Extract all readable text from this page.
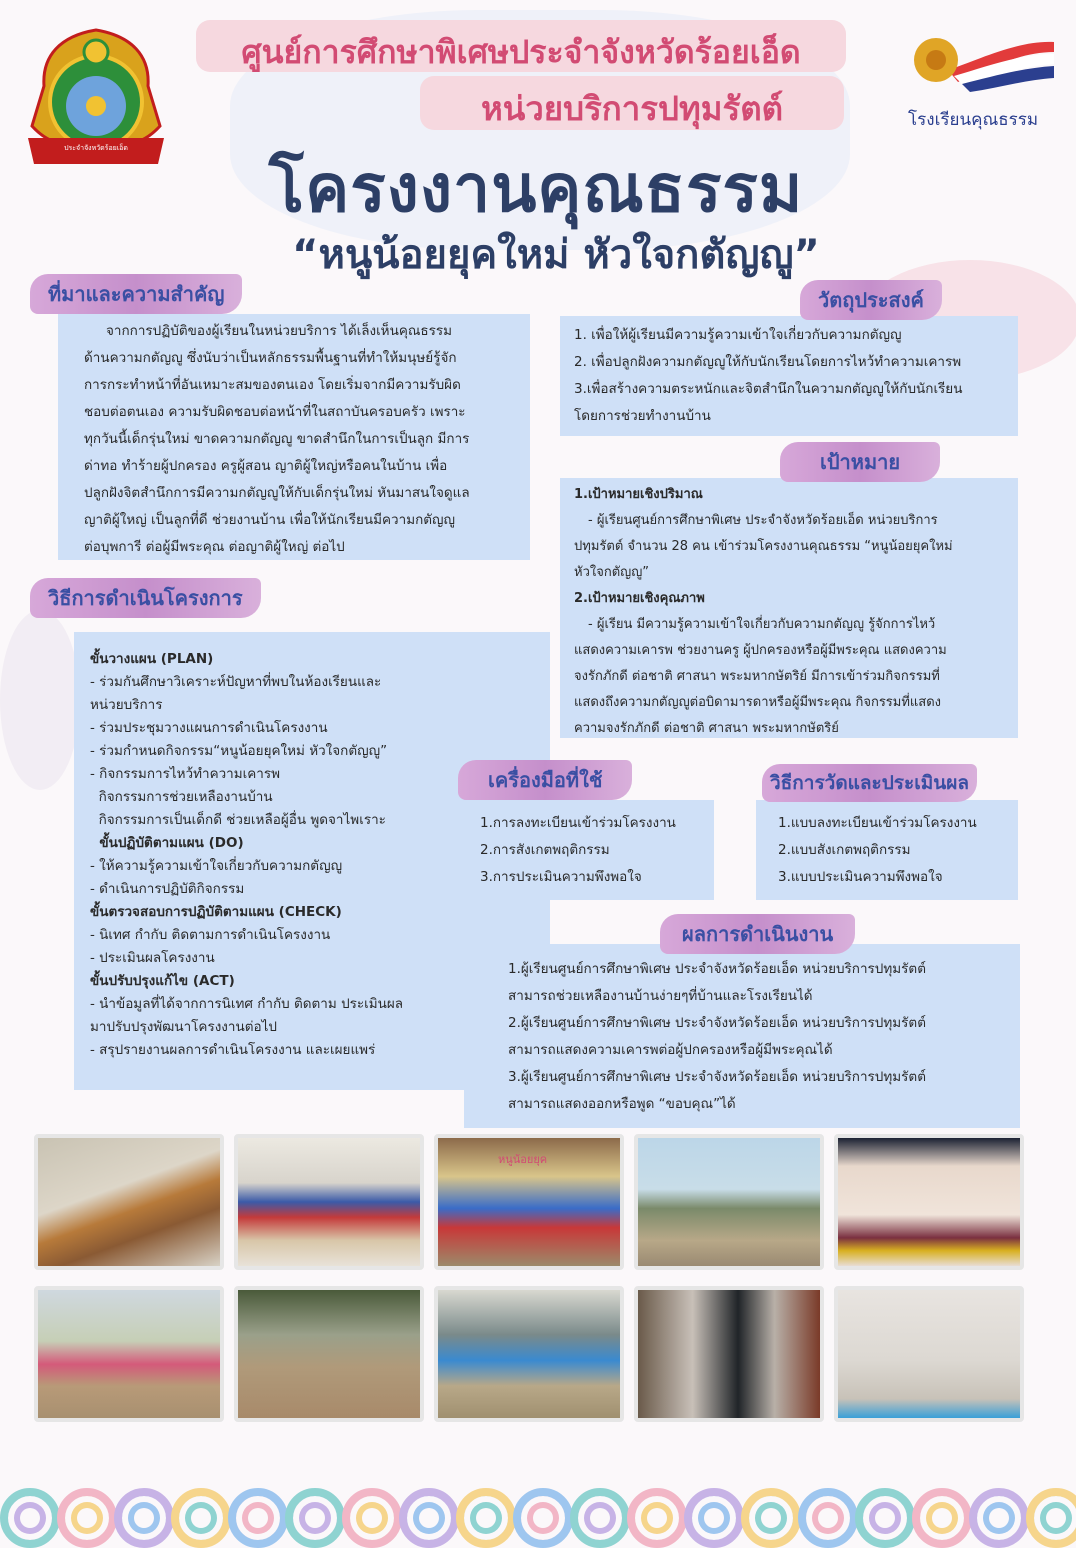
ประจำจังหวัดร้อยเอ็ด
โรงเรียนคุณธรรม
ศูนย์การศึกษาพิเศษประจำจังหวัดร้อยเอ็ด
หน่วยบริการปทุมรัตต์
โครงงานคุณธรรม
“หนูน้อยยุคใหม่ หัวใจกตัญญู”
จากการปฏิบัติของผู้เรียนในหน่วยบริการ ได้เล็งเห็นคุณธรรม
ด้านความกตัญญู ซึ่งนับว่าเป็นหลักธรรมพื้นฐานที่ทำให้มนุษย์รู้จัก
การกระทำหน้าที่อันเหมาะสมของตนเอง โดยเริ่มจากมีความรับผิด
ชอบต่อตนเอง ความรับผิดชอบต่อหน้าที่ในสถาบันครอบครัว เพราะ
ทุกวันนี้เด็กรุ่นใหม่ ขาดความกตัญญู ขาดสำนึกในการเป็นลูก มีการ
ด่าทอ ทำร้ายผู้ปกครอง ครูผู้สอน ญาติผู้ใหญ่หรือคนในบ้าน เพื่อ
ปลูกฝังจิตสำนึกการมีความกตัญญูให้กับเด็กรุ่นใหม่ หันมาสนใจดูแล
ญาติผู้ใหญ่ เป็นลูกที่ดี ช่วยงานบ้าน เพื่อให้นักเรียนมีความกตัญญู
ต่อบุพการี ต่อผู้มีพระคุณ ต่อญาติผู้ใหญ่ ต่อไป
ที่มาและความสำคัญ
1. เพื่อให้ผู้เรียนมีความรู้ความเข้าใจเกี่ยวกับความกตัญญู
2. เพื่อปลูกฝังความกตัญญูให้กับนักเรียนโดยการไหว้ทำความเคารพ
3.เพื่อสร้างความตระหนักและจิตสำนึกในความกตัญญูให้กับนักเรียน
โดยการช่วยทำงานบ้าน
วัตถุประสงค์
1.เป้าหมายเชิงปริมาณ
- ผู้เรียนศูนย์การศึกษาพิเศษ ประจำจังหวัดร้อยเอ็ด หน่วยบริการ
ปทุมรัตต์ จำนวน 28 คน เข้าร่วมโครงงานคุณธรรม “หนูน้อยยุคใหม่
หัวใจกตัญญู”
2.เป้าหมายเชิงคุณภาพ
- ผู้เรียน มีความรู้ความเข้าใจเกี่ยวกับความกตัญญู รู้จักการไหว้
แสดงความเคารพ ช่วยงานครู ผู้ปกครองหรือผู้มีพระคุณ แสดงความ
จงรักภักดี ต่อชาติ ศาสนา พระมหากษัตริย์ มีการเข้าร่วมกิจกรรมที่
แสดงถึงความกตัญญูต่อบิดามารดาหรือผู้มีพระคุณ กิจกรรมที่แสดง
ความจงรักภักดี ต่อชาติ ศาสนา พระมหากษัตริย์
เป้าหมาย
ขั้นวางแผน (PLAN)
- ร่วมกันศึกษาวิเคราะห์ปัญหาที่พบในห้องเรียนและ
หน่วยบริการ
- ร่วมประชุมวางแผนการดำเนินโครงงาน
- ร่วมกำหนดกิจกรรม“หนูน้อยยุคใหม่ หัวใจกตัญญู”
- กิจกรรมการไหว้ทำความเคารพ
กิจกรรมการช่วยเหลืองานบ้าน
กิจกรรมการเป็นเด็กดี ช่วยเหลือผู้อื่น พูดจาไพเราะ
ขั้นปฏิบัติตามแผน (DO)
- ให้ความรู้ความเข้าใจเกี่ยวกับความกตัญญู
- ดำเนินการปฏิบัติกิจกรรม
ขั้นตรวจสอบการปฏิบัติตามแผน (CHECK)
- นิเทศ กำกับ ติดตามการดำเนินโครงงาน
- ประเมินผลโครงงาน
ขั้นปรับปรุงแก้ไข (ACT)
- นำข้อมูลที่ได้จากการนิเทศ กำกับ ติดตาม ประเมินผล
มาปรับปรุงพัฒนาโครงงานต่อไป
- สรุปรายงานผลการดำเนินโครงงาน และเผยแพร่
วิธีการดำเนินโครงการ
1.การลงทะเบียนเข้าร่วมโครงงาน
2.การสังเกตพฤติกรรม
3.การประเมินความพึงพอใจ
เครื่องมือที่ใช้
1.แบบลงทะเบียนเข้าร่วมโครงงาน
2.แบบสังเกตพฤติกรรม
3.แบบประเมินความพึงพอใจ
วิธีการวัดและประเมินผล
1.ผู้เรียนศูนย์การศึกษาพิเศษ ประจำจังหวัดร้อยเอ็ด หน่วยบริการปทุมรัตต์
สามารถช่วยเหลืองานบ้านง่ายๆที่บ้านและโรงเรียนได้
2.ผู้เรียนศูนย์การศึกษาพิเศษ ประจำจังหวัดร้อยเอ็ด หน่วยบริการปทุมรัตต์
สามารถแสดงความเคารพต่อผู้ปกครองหรือผู้มีพระคุณได้
3.ผู้เรียนศูนย์การศึกษาพิเศษ ประจำจังหวัดร้อยเอ็ด หน่วยบริการปทุมรัตต์
สามารถแสดงออกหรือพูด “ขอบคุณ”ได้
ผลการดำเนินงาน
หนูน้อยยุค
